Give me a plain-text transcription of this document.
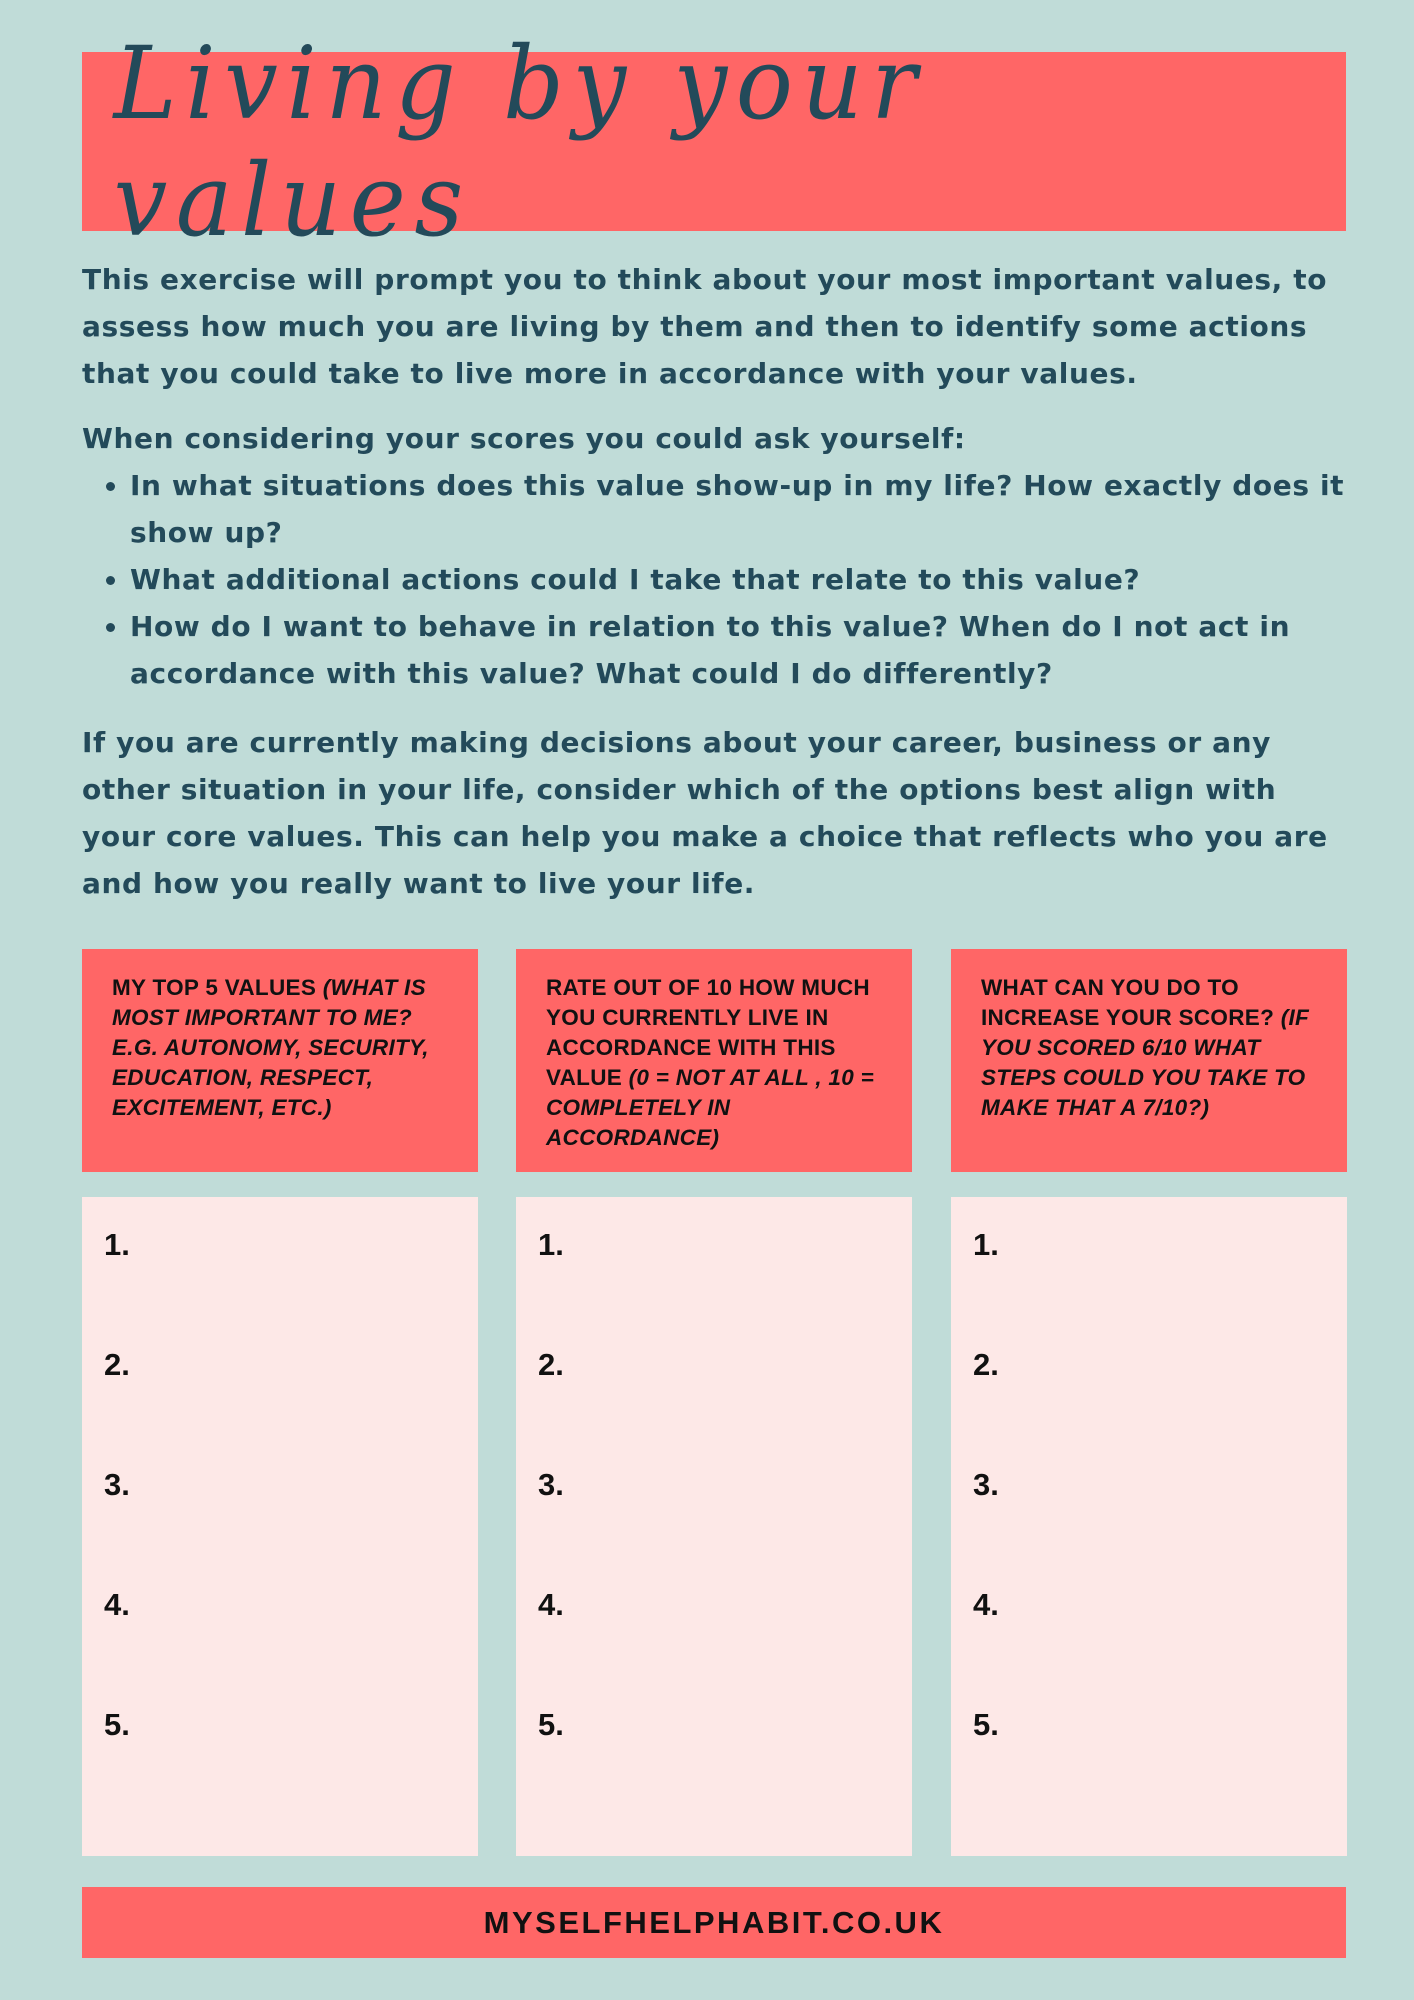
Living by your values

This exercise will prompt you to think about your most important values, to assess how much you are living by them and then to identify some actions that you could take to live more in accordance with your values.

When considering your scores you could ask yourself:

• In what situations does this value show-up in my life? How exactly does it show up?
• What additional actions could I take that relate to this value?
• How do I want to behave in relation to this value? When do I not act in accordance with this value? What could I do differently?

If you are currently making decisions about your career, business or any other situation in your life, consider which of the options best align with your core values. This can help you make a choice that reflects who you are and how you really want to live your life.

MY TOP 5 VALUES (WHAT IS MOST IMPORTANT TO ME? E.G. AUTONOMY, SECURITY, EDUCATION, RESPECT, EXCITEMENT, ETC.)
RATE OUT OF 10 HOW MUCH YOU CURRENTLY LIVE IN ACCORDANCE WITH THIS VALUE (0 = NOT AT ALL , 10 = COMPLETELY IN ACCORDANCE)
WHAT CAN YOU DO TO INCREASE YOUR SCORE? (IF YOU SCORED 6/10 WHAT STEPS COULD YOU TAKE TO MAKE THAT A 7/10?)
1.
2.
3.
4.
5.
1.
2.
3.
4.
5.
1.
2.
3.
4.
5.
MYSELFHELPHABIT.CO.UK
